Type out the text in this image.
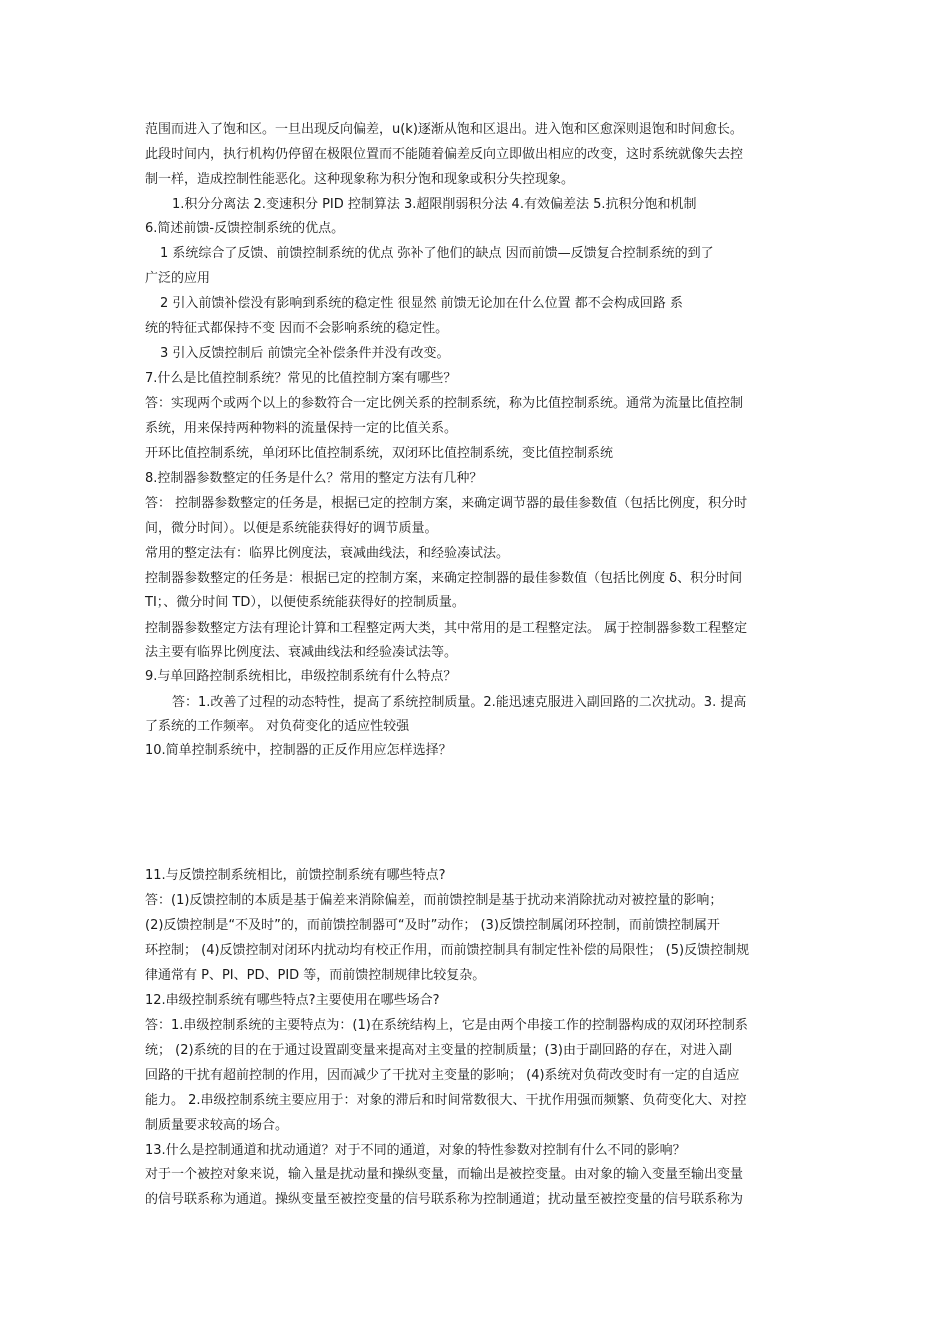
范围而进入了饱和区。一旦出现反向偏差，u(k)逐渐从饱和区退出。进入饱和区愈深则退饱和时间愈长。
此段时间内，执行机构仍停留在极限位置而不能随着偏差反向立即做出相应的改变，这时系统就像失去控
制一样，造成控制性能恶化。这种现象称为积分饱和现象或积分失控现象。
1.积分分离法 2.变速积分 PID 控制算法 3.超限削弱积分法 4.有效偏差法 5.抗积分饱和机制
6.简述前馈-反馈控制系统的优点。
1 系统综合了反馈、前馈控制系统的优点 弥补了他们的缺点 因而前馈—反馈复合控制系统的到了
广泛的应用
2 引入前馈补偿没有影响到系统的稳定性 很显然 前馈无论加在什么位置 都不会构成回路 系
统的特征式都保持不变 因而不会影响系统的稳定性。
3 引入反馈控制后 前馈完全补偿条件并没有改变。
7.什么是比值控制系统？常见的比值控制方案有哪些？
答：实现两个或两个以上的参数符合一定比例关系的控制系统，称为比值控制系统。通常为流量比值控制
系统，用来保持两种物料的流量保持一定的比值关系。
开环比值控制系统，单闭环比值控制系统，双闭环比值控制系统，变比值控制系统
8.控制器参数整定的任务是什么？常用的整定方法有几种？
答： 控制器参数整定的任务是，根据已定的控制方案，来确定调节器的最佳参数值（包括比例度，积分时
间，微分时间）。以便是系统能获得好的调节质量。
常用的整定法有：临界比例度法，衰减曲线法，和经验凑试法。
控制器参数整定的任务是：根据已定的控制方案，来确定控制器的最佳参数值（包括比例度 δ、积分时间
TI；、微分时间 TD），以便使系统能获得好的控制质量。
控制器参数整定方法有理论计算和工程整定两大类，其中常用的是工程整定法。 属于控制器参数工程整定
法主要有临界比例度法、衰减曲线法和经验凑试法等。
9.与单回路控制系统相比，串级控制系统有什么特点？
答：1.改善了过程的动态特性，提高了系统控制质量。2.能迅速克服进入副回路的二次扰动。3. 提高
了系统的工作频率。 对负荷变化的适应性较强
10.简单控制系统中，控制器的正反作用应怎样选择？
11.与反馈控制系统相比，前馈控制系统有哪些特点?
答：(1)反馈控制的本质是基于偏差来消除偏差，而前馈控制是基于扰动来消除扰动对被控量的影响；
(2)反馈控制是“不及时”的，而前馈控制器可“及时”动作； (3)反馈控制属闭环控制，而前馈控制属开
环控制； (4)反馈控制对闭环内扰动均有校正作用，而前馈控制具有制定性补偿的局限性； (5)反馈控制规
律通常有 P、PI、PD、PID 等，而前馈控制规律比较复杂。
12.串级控制系统有哪些特点?主要使用在哪些场合?
答：1.串级控制系统的主要特点为：(1)在系统结构上，它是由两个串接工作的控制器构成的双闭环控制系
统； (2)系统的目的在于通过设置副变量来提高对主变量的控制质量；(3)由于副回路的存在，对进入副
回路的干扰有超前控制的作用，因而减少了干扰对主变量的影响； (4)系统对负荷改变时有一定的自适应
能力。 2.串级控制系统主要应用于：对象的滞后和时间常数很大、干扰作用强而频繁、负荷变化大、对控
制质量要求较高的场合。
13.什么是控制通道和扰动通道？对于不同的通道，对象的特性参数对控制有什么不同的影响？
对于一个被控对象来说，输入量是扰动量和操纵变量，而输出是被控变量。由对象的输入变量至输出变量
的信号联系称为通道。操纵变量至被控变量的信号联系称为控制通道；扰动量至被控变量的信号联系称为
